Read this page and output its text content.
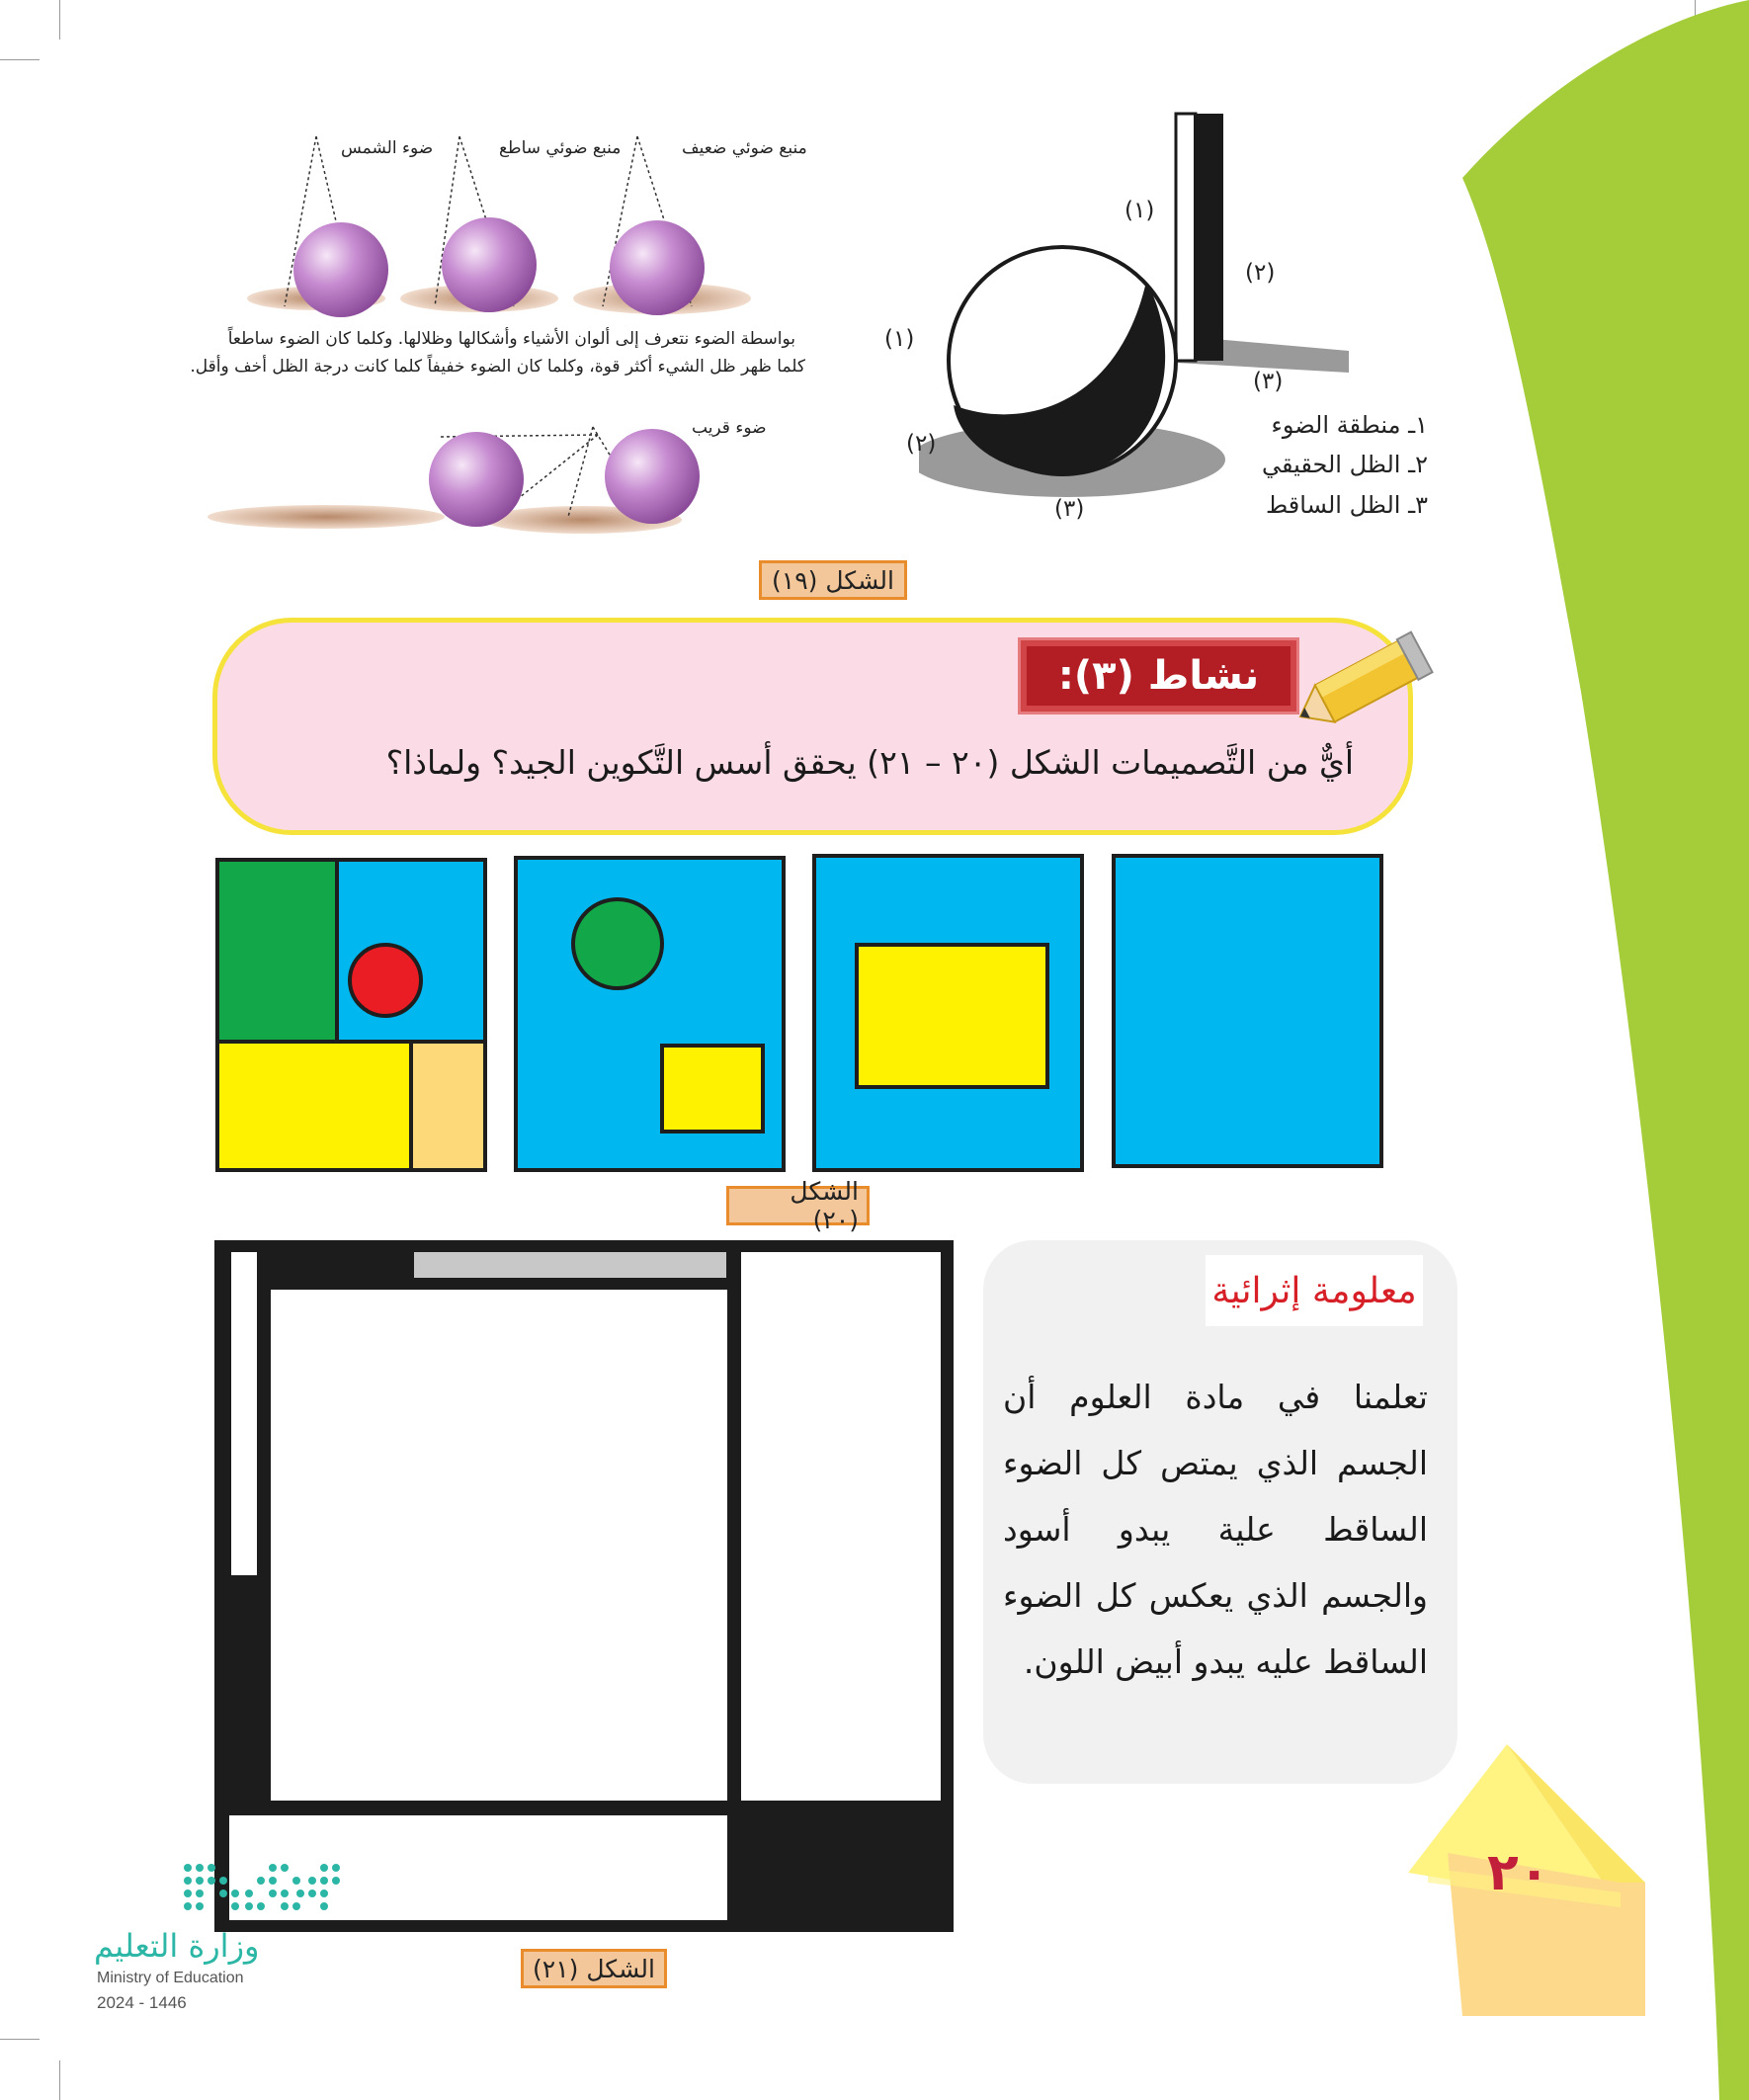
ضوء الشمس	منبع ضوئي ساطع	منبع ضوئي ضعيف
بواسطة الضوء نتعرف إلى ألوان الأشياء وأشكالها وظلالها. وكلما كان الضوء ساطعاً
كلما ظهر ظل الشيء أكثر قوة، وكلما كان الضوء خفيفاً كلما كانت درجة الظل أخف وأقل.
ضوء قريب
(١)
(٢)
(١)
(٣)
(٢)
(٣)
١ـ منطقة الضوء
٢ـ الظل الحقيقي
٣ـ الظل الساقط
الشكل (١٩)
نشاط (٣):
أيٌّ من التَّصميمات الشكل (٢٠ – ٢١) يحقق أسس التَّكوين الجيد؟ ولماذا؟
الشكل (٢٠)
الشكل (٢١)
معلومة إثرائية
تعلمنا في مادة العلوم أن
الجسم الذي يمتص كل الضوء
الساقط علية يبدو أسود
والجسم الذي يعكس كل الضوء
الساقط عليه يبدو أبيض اللون.
٢٠
وزارة التعليم
Ministry of Education
2024 - 1446
